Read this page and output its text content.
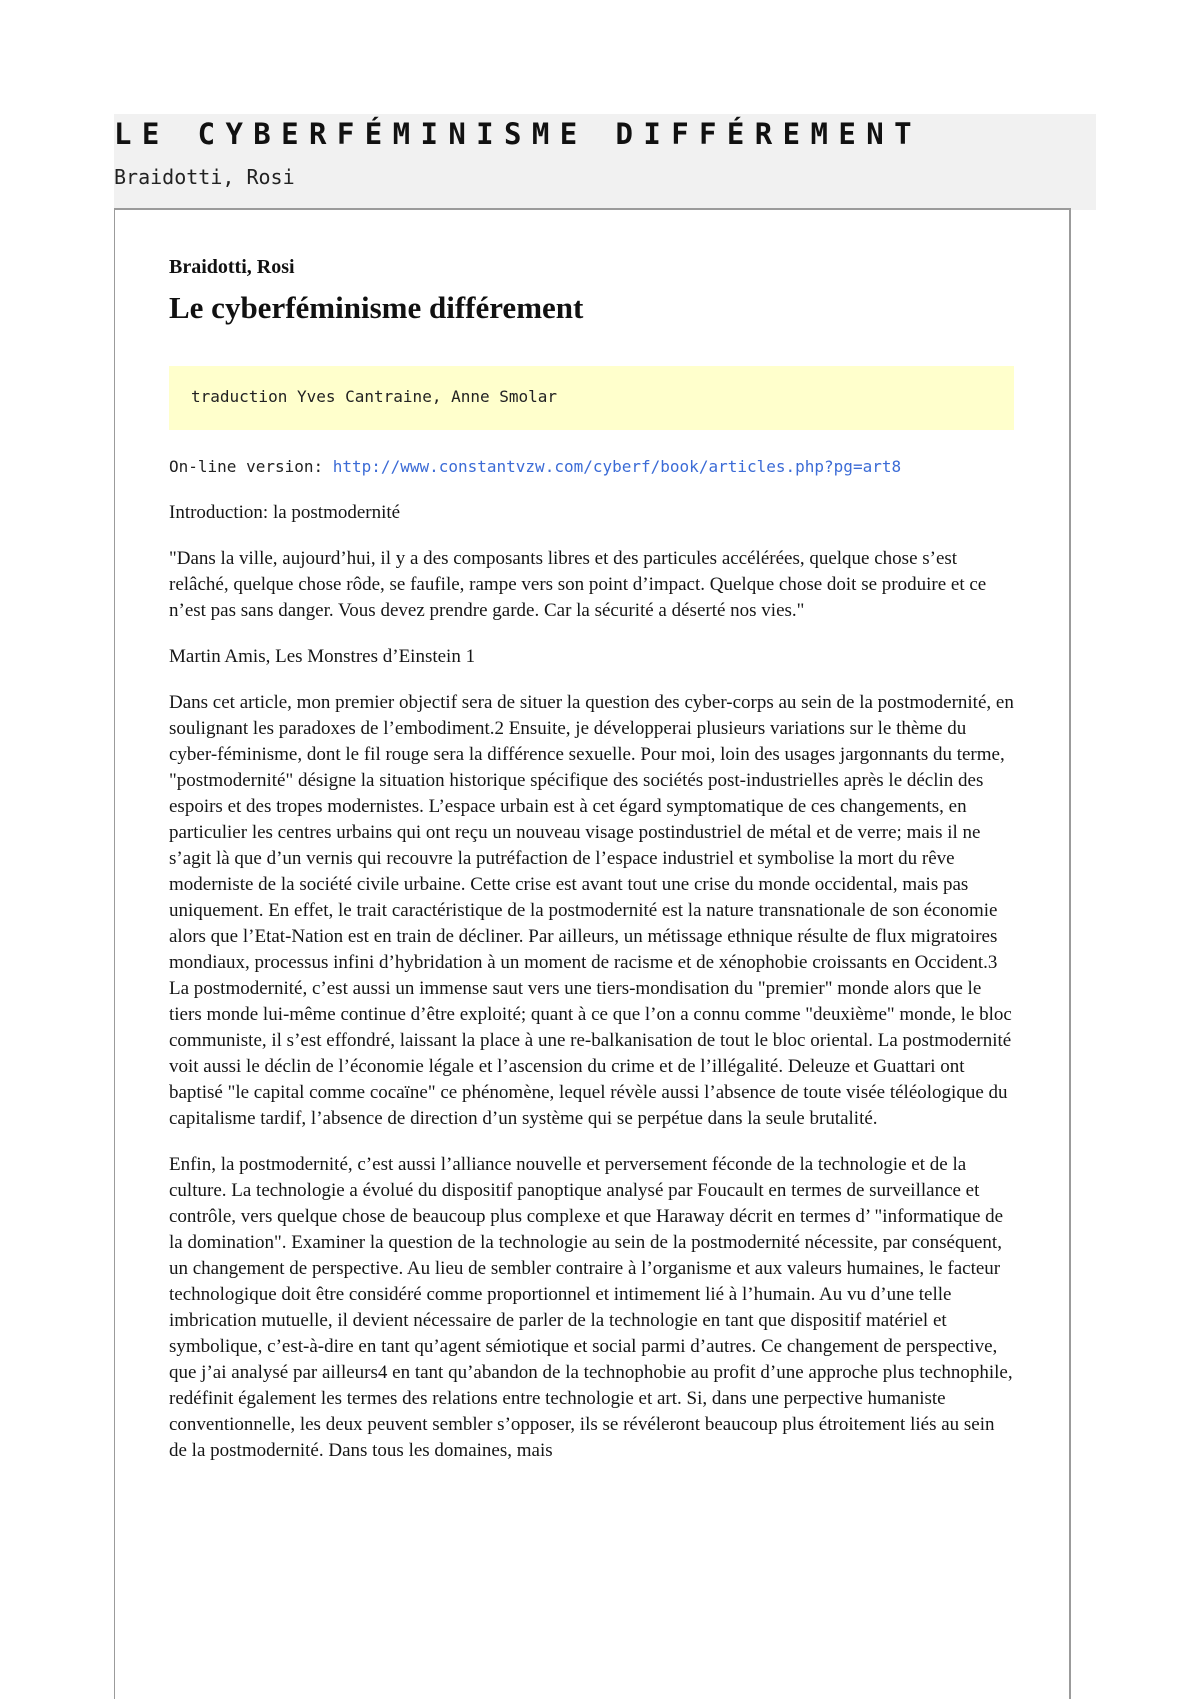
LE CYBERFÉMINISME DIFFÉREMENT
Braidotti, Rosi
Braidotti, Rosi
Le cyberféminisme différement
traduction Yves Cantraine, Anne Smolar
On-line version: http://www.constantvzw.com/cyberf/book/articles.php?pg=art8

Introduction: la postmodernité

"Dans la ville, aujourd’hui, il y a des composants libres et des particules accélérées, quelque chose s’est relâché, quelque chose rôde, se faufile, rampe vers son point d’impact. Quelque chose doit se produire et ce n’est pas sans danger. Vous devez prendre garde. Car la sécurité a déserté nos vies."

Martin Amis, Les Monstres d’Einstein 1

Dans cet article, mon premier objectif sera de situer la question des cyber-corps au sein de la postmodernité, en soulignant les paradoxes de l’embodiment.2 Ensuite, je développerai plusieurs variations sur le thème du cyber-féminisme, dont le fil rouge sera la différence sexuelle. Pour moi, loin des usages jargonnants du terme, "postmodernité" désigne la situation historique spécifique des sociétés post-industrielles après le déclin des espoirs et des tropes modernistes. L’espace urbain est à cet égard symptomatique de ces changements, en particulier les centres urbains qui ont reçu un nouveau visage postindustriel de métal et de verre; mais il ne s’agit là que d’un vernis qui recouvre la putréfaction de l’espace industriel et symbolise la mort du rêve moderniste de la société civile urbaine. Cette crise est avant tout une crise du monde occidental, mais pas uniquement. En effet, le trait caractéristique de la postmodernité est la nature transnationale de son économie alors que l’Etat-Nation est en train de décliner. Par ailleurs, un métissage ethnique résulte de flux migratoires mondiaux, processus infini d’hybridation à un moment de racisme et de xénophobie croissants en Occident.3 La postmodernité, c’est aussi un immense saut vers une tiers-mondisation du "premier" monde alors que le tiers monde lui-même continue d’être exploité; quant à ce que l’on a connu comme "deuxième" monde, le bloc communiste, il s’est effondré, laissant la place à une re-balkanisation de tout le bloc oriental. La postmodernité voit aussi le déclin de l’économie légale et l’ascension du crime et de l’illégalité. Deleuze et Guattari ont baptisé "le capital comme cocaïne" ce phénomène, lequel révèle aussi l’absence de toute visée téléologique du capitalisme tardif, l’absence de direction d’un système qui se perpétue dans la seule brutalité.

Enfin, la postmodernité, c’est aussi l’alliance nouvelle et perversement féconde de la technologie et de la culture. La technologie a évolué du dispositif panoptique analysé par Foucault en termes de surveillance et contrôle, vers quelque chose de beaucoup plus complexe et que Haraway décrit en termes d’ "informatique de la domination". Examiner la question de la technologie au sein de la postmodernité nécessite, par conséquent, un changement de perspective. Au lieu de sembler contraire à l’organisme et aux valeurs humaines, le facteur technologique doit être considéré comme proportionnel et intimement lié à l’humain. Au vu d’une telle imbrication mutuelle, il devient nécessaire de parler de la technologie en tant que dispositif matériel et symbolique, c’est-à-dire en tant qu’agent sémiotique et social parmi d’autres. Ce changement de perspective, que j’ai analysé par ailleurs4 en tant qu’abandon de la technophobie au profit d’une approche plus technophile, redéfinit également les termes des relations entre technologie et art. Si, dans une perpective humaniste conventionnelle, les deux peuvent sembler s’opposer, ils se révéleront beaucoup plus étroitement liés au sein de la postmodernité. Dans tous les domaines, mais
